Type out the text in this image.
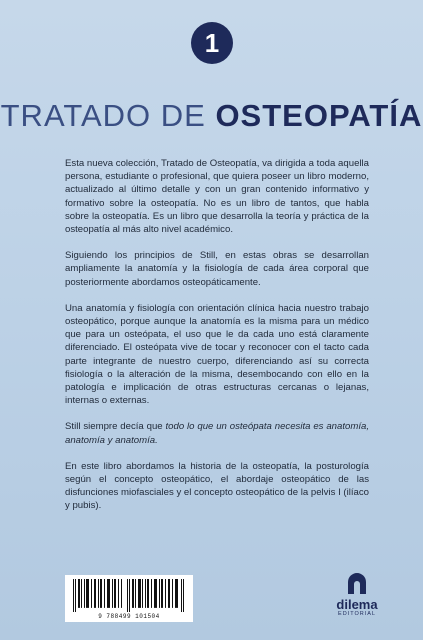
1
TRATADO DE OSTEOPATÍA

Esta nueva colección, Tratado de Osteopatía, va dirigida a toda aquella persona, estudiante o profesional, que quiera poseer un libro moderno, actualizado al último detalle y con un gran contenido informativo y formativo sobre la osteopatía. No es un libro de tantos, que habla sobre la osteopatía. Es un libro que desarrolla la teoría y práctica de la osteopatía al más alto nivel académico.

Siguiendo los principios de Still, en estas obras se desarrollan ampliamente la anatomía y la fisiología de cada área corporal que posteriormente abordamos osteopáticamente.

Una anatomía y fisiología con orientación clínica hacia nuestro trabajo osteopático, porque aunque la anatomía es la misma para un médico que para un osteópata, el uso que le da cada uno está claramente diferenciado. El osteópata vive de tocar y reconocer con el tacto cada parte integrante de nuestro cuerpo, diferenciando así su correcta fisiología o la alteración de la misma, desembocando con ello en la patología e implicación de otras estructuras cercanas o lejanas, internas o externas.

Still siempre decía que todo lo que un osteópata necesita es anatomía, anatomía y anatomía.

En este libro abordamos la historia de la osteopatía, la posturología según el concepto osteopático, el abordaje osteopático de las disfunciones miofasciales y el concepto osteopático de la pelvis I (ilíaco y pubis).

9 788499 101504
dilema
EDITORIAL
